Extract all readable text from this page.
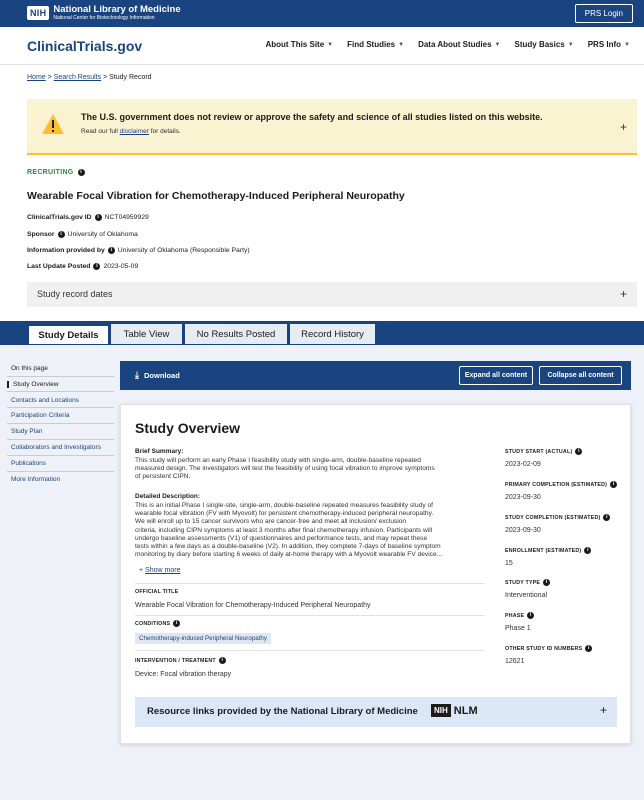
NIH National Library of Medicine
National Center for Biotechnology Information	PRS Login
ClinicalTrials.gov	About This Site ▼ Find Studies ▼ Data About Studies ▼ Study Basics ▼ PRS Info ▼
Home > Search Results > Study Record
The U.S. government does not review or approve the safety and science of all studies listed on this website.
Read our full disclaimer for details.	+
RECRUITING	i
Wearable Focal Vibration for Chemotherapy-Induced Peripheral Neuropathy
ClinicalTrials.gov ID	i NCT04959929
Sponsor	i University of Oklahoma
Information provided by	i University of Oklahoma (Responsible Party)
Last Update Posted	i 2023-05-09
Study record dates	+
Study Details	Table View	No Results Posted	Record History
On this page
Study Overview
Contacts and Locations
Participation Criteria
Study Plan
Collaborators and Investigators
Publications
More Information
⤓ Download	Expand all content	Collapse all content
Study Overview
Brief Summary:
This study will perform an early Phase I feasibility study with single-arm, double-baseline repeated
measured design. The investigators will test the feasibility of using focal vibration to improve symptoms
of persistent CIPN.
Detailed Description:
This is an initial Phase I single-site, single-arm, double-baseline repeated measures feasibility study of
wearable focal vibration (FV with Myovolt) for persistent chemotherapy-induced peripheral neuropathy.
We will enroll up to 15 cancer survivors who are cancer-free and meet all inclusion/ exclusion
criteria, including CIPN symptoms at least 3 months after final chemotherapy infusion. Participants will
undergo baseline assessments (V1) of questionnaires and performance tests, and may repeat these
tests within a few days as a double-baseline (V2). In addition, they complete 7-days of baseline symptom
monitoring by diary before starting 6 weeks of daily at-home therapy with a Myovolt wearable FV device...
+ Show more
OFFICIAL TITLE
Wearable Focal Vibration for Chemotherapy-Induced Peripheral Neuropathy
CONDITIONS	i
Chemotherapy-induced Peripheral Neuropathy
INTERVENTION / TREATMENT	i
Device: Focal vibration therapy
STUDY START (ACTUAL)	i
2023-02-09
PRIMARY COMPLETION (ESTIMATED)	i
2023-09-30
STUDY COMPLETION (ESTIMATED)	i
2023-09-30
ENROLLMENT (ESTIMATED)	i
15
STUDY TYPE	i
Interventional
PHASE	i
Phase 1
OTHER STUDY ID NUMBERS	i
12621
Resource links provided by the National Library of Medicine	NIH NLM	+
